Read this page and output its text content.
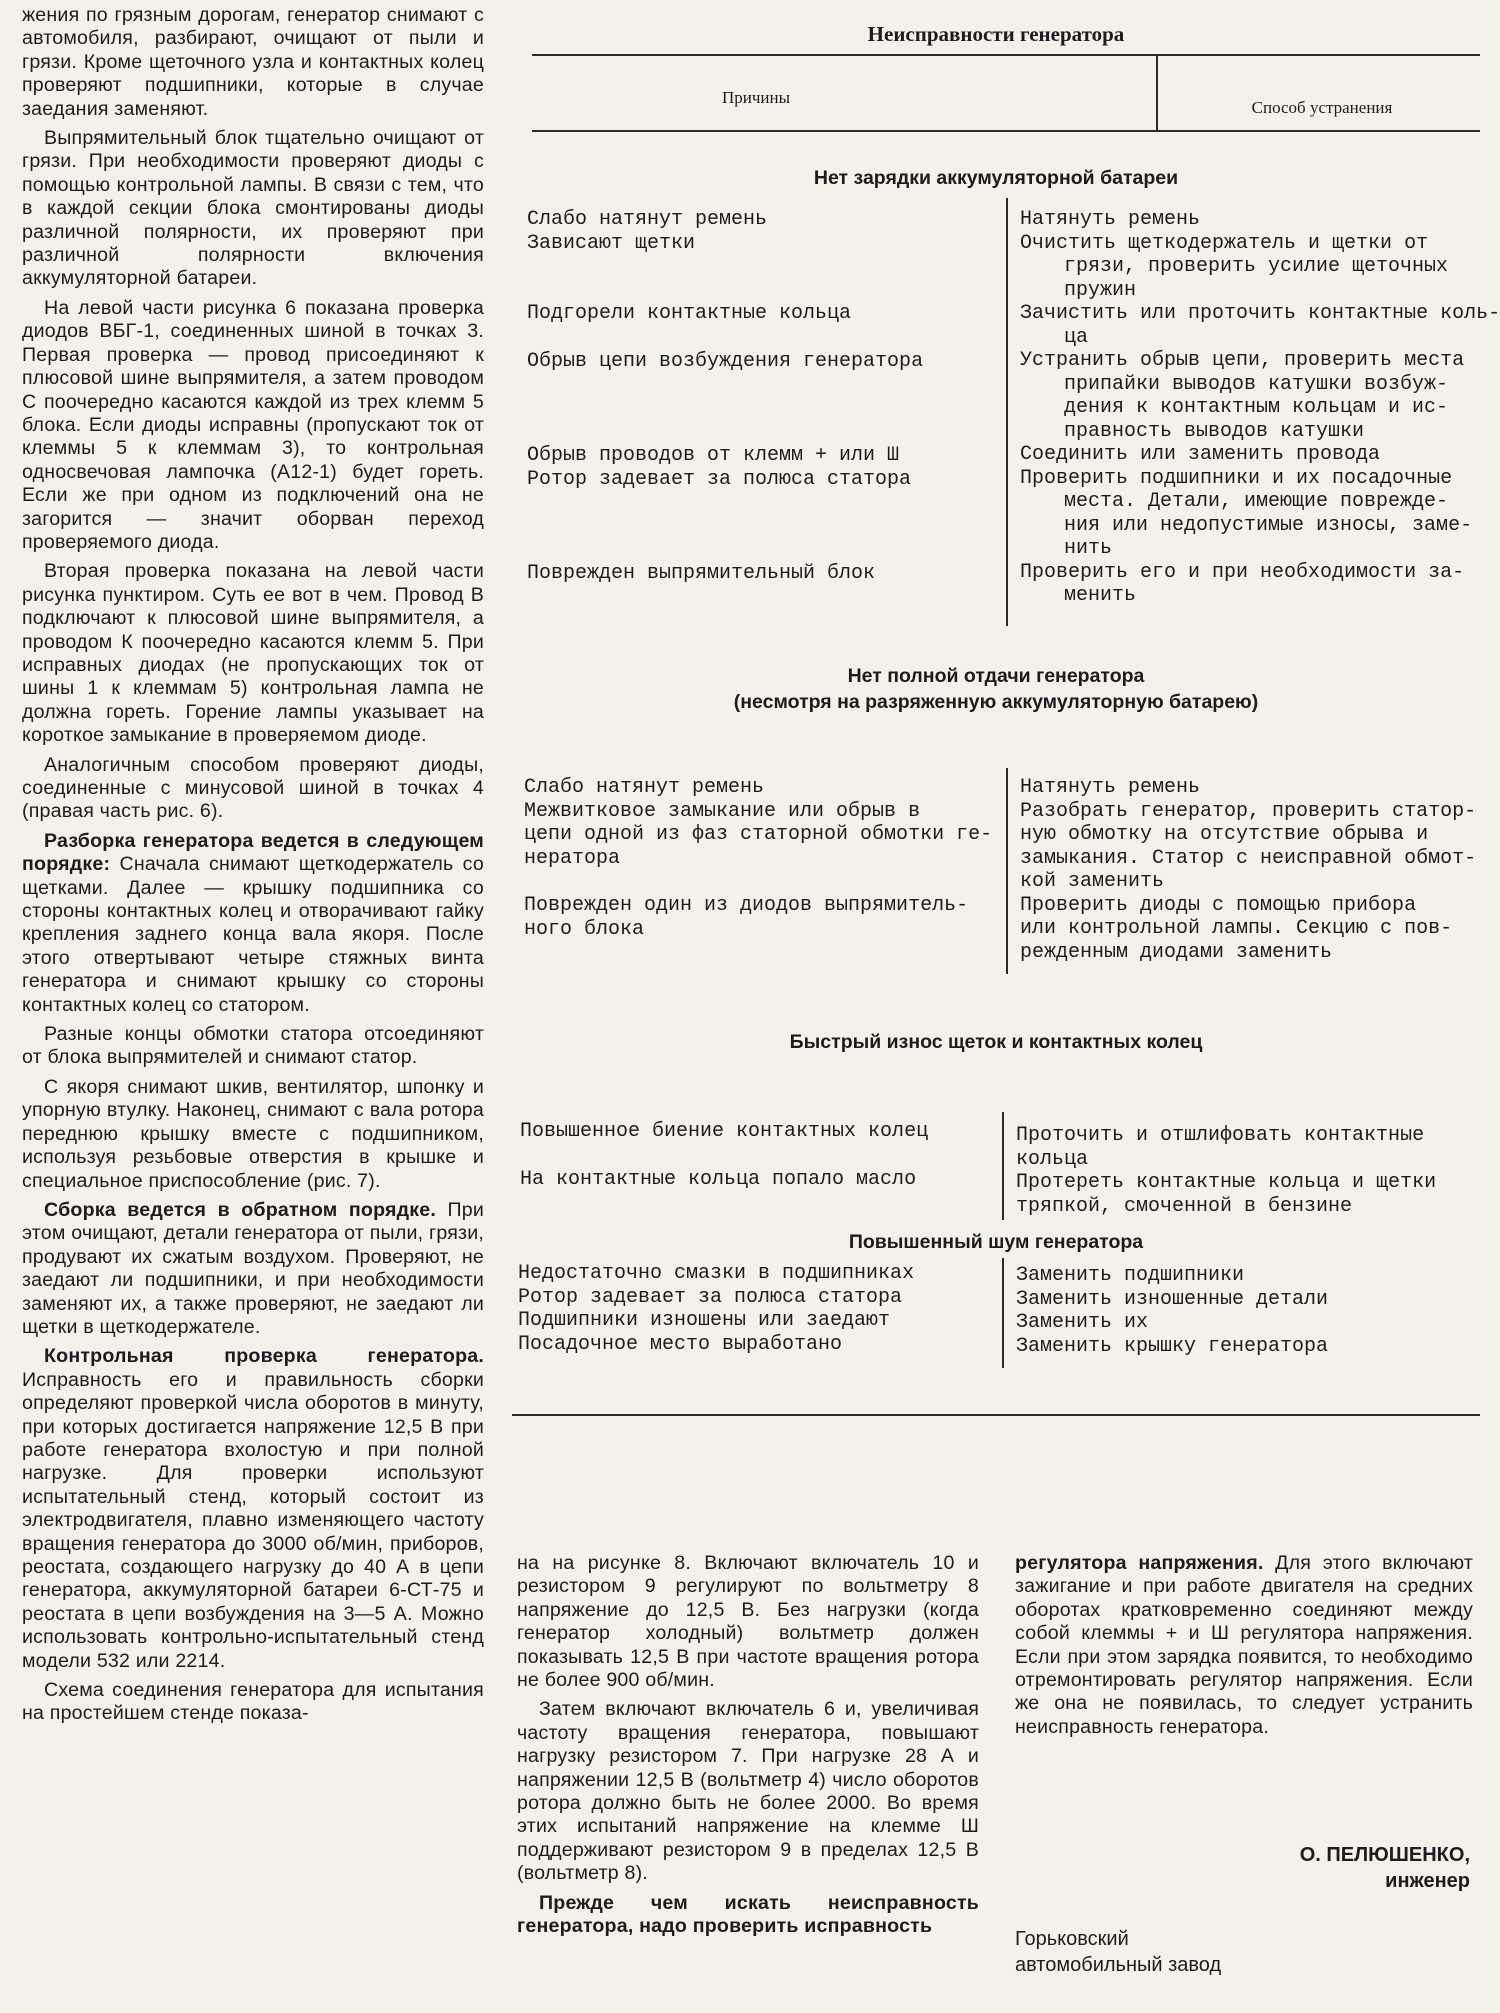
жения по грязным дорогам, генератор снимают с автомобиля, разбирают, очищают от пыли и грязи. Кроме щеточного узла и контактных колец проверяют подшипники, которые в случае заедания заменяют.

Выпрямительный блок тщательно очищают от грязи. При необходимости проверяют диоды с помощью контрольной лампы. В связи с тем, что в каждой секции блока смонтированы диоды различной полярности, их проверяют при различной полярности включения аккумуляторной батареи.

На левой части рисунка 6 показана проверка диодов ВБГ-1, соединенных шиной в точках 3. Первая проверка — провод присоединяют к плюсовой шине выпрямителя, а затем проводом С поочередно касаются каждой из трех клемм 5 блока. Если диоды исправны (пропускают ток от клеммы 5 к клеммам 3), то контрольная односвечовая лампочка (А12-1) будет гореть. Если же при одном из подключений она не загорится — значит оборван переход проверяемого диода.

Вторая проверка показана на левой части рисунка пунктиром. Суть ее вот в чем. Провод В подключают к плюсовой шине выпрямителя, а проводом К поочередно касаются клемм 5. При исправных диодах (не пропускающих ток от шины 1 к клеммам 5) контрольная лампа не должна гореть. Горение лампы указывает на короткое замыкание в проверяемом диоде.

Аналогичным способом проверяют диоды, соединенные с минусовой шиной в точках 4 (правая часть рис. 6).

Разборка генератора ведется в следующем порядке: Сначала снимают щеткодержатель со щетками. Далее — крышку подшипника со стороны контактных колец и отворачивают гайку крепления заднего конца вала якоря. После этого отвертывают четыре стяжных винта генератора и снимают крышку со стороны контактных колец со статором.

Разные концы обмотки статора отсоединяют от блока выпрямителей и снимают статор.

С якоря снимают шкив, вентилятор, шпонку и упорную втулку. Наконец, снимают с вала ротора переднюю крышку вместе с подшипником, используя резьбовые отверстия в крышке и специальное приспособление (рис. 7).

Сборка ведется в обратном порядке. При этом очищают, детали генератора от пыли, грязи, продувают их сжатым воздухом. Проверяют, не заедают ли подшипники, и при необходимости заменяют их, а также проверяют, не заедают ли щетки в щеткодержателе.

Контрольная проверка генератора. Исправность его и правильность сборки определяют проверкой числа оборотов в минуту, при которых достигается напряжение 12,5 В при работе генератора вхолостую и при полной нагрузке. Для проверки используют испытательный стенд, который состоит из электродвигателя, плавно изменяющего частоту вращения генератора до 3000 об/мин, приборов, реостата, создающего нагрузку до 40 А в цепи генератора, аккумуляторной батареи 6-СТ-75 и реостата в цепи возбуждения на 3—5 А. Можно использовать контрольно-испытательный стенд модели 532 или 2214.

Схема соединения генератора для испытания на простейшем стенде показа-

Неисправности генератора
Причины
Способ устранения
Нет зарядки аккумуляторной батареи
Слабо натянут ремень
Зависают щетки
Подгорели контактные кольца
Обрыв цепи возбуждения генератора
Обрыв проводов от клемм + или Ш
Ротор задевает за полюса статора
Поврежден выпрямительный блок
Натянуть ремень
Очистить щеткодержатель и щетки от
грязи, проверить усилие щеточных
пружин
Зачистить или проточить контактные коль-
ца
Устранить обрыв цепи, проверить места
припайки выводов катушки возбуж-
дения к контактным кольцам и ис-
правность выводов катушки
Соединить или заменить провода
Проверить подшипники и их посадочные
места. Детали, имеющие поврежде-
ния или недопустимые износы, заме-
нить
Проверить его и при необходимости за-
менить
Нет полной отдачи генератора
(несмотря на разряженную аккумуляторную батарею)
Слабо натянут ремень
Межвитковое замыкание или обрыв в
цепи одной из фаз статорной обмотки ге-
нератора
Поврежден один из диодов выпрямитель-
ного блока
Натянуть ремень
Разобрать генератор, проверить статор-
ную обмотку на отсутствие обрыва и
замыкания. Статор с неисправной обмот-
кой заменить
Проверить диоды с помощью прибора
или контрольной лампы. Секцию с пов-
режденным диодами заменить
Быстрый износ щеток и контактных колец
Повышенное биение контактных колец
На контактные кольца попало масло
Проточить и отшлифовать контактные
кольца
Протереть контактные кольца и щетки
тряпкой, смоченной в бензине
Повышенный шум генератора
Недостаточно смазки в подшипниках
Ротор задевает за полюса статора
Подшипники изношены или заедают
Посадочное место выработано
Заменить подшипники
Заменить изношенные детали
Заменить их
Заменить крышку генератора

на на рисунке 8. Включают включатель 10 и резистором 9 регулируют по вольтметру 8 напряжение до 12,5 В. Без нагрузки (когда генератор холодный) вольтметр должен показывать 12,5 В при частоте вращения ротора не более 900 об/мин.

Затем включают включатель 6 и, увеличивая частоту вращения генератора, повышают нагрузку резистором 7. При нагрузке 28 А и напряжении 12,5 В (вольтметр 4) число оборотов ротора должно быть не более 2000. Во время этих испытаний напряжение на клемме Ш поддерживают резистором 9 в пределах 12,5 В (вольтметр 8).

Прежде чем искать неисправность генератора, надо проверить исправность

регулятора напряжения. Для этого включают зажигание и при работе двигателя на средних оборотах кратковременно соединяют между собой клеммы + и Ш регулятора напряжения. Если при этом зарядка появится, то необходимо отремонтировать регулятор напряжения. Если же она не появилась, то следует устранить неисправность генератора.

О. ПЕЛЮШЕНКО,
инженер
Горьковский
автомобильный завод
